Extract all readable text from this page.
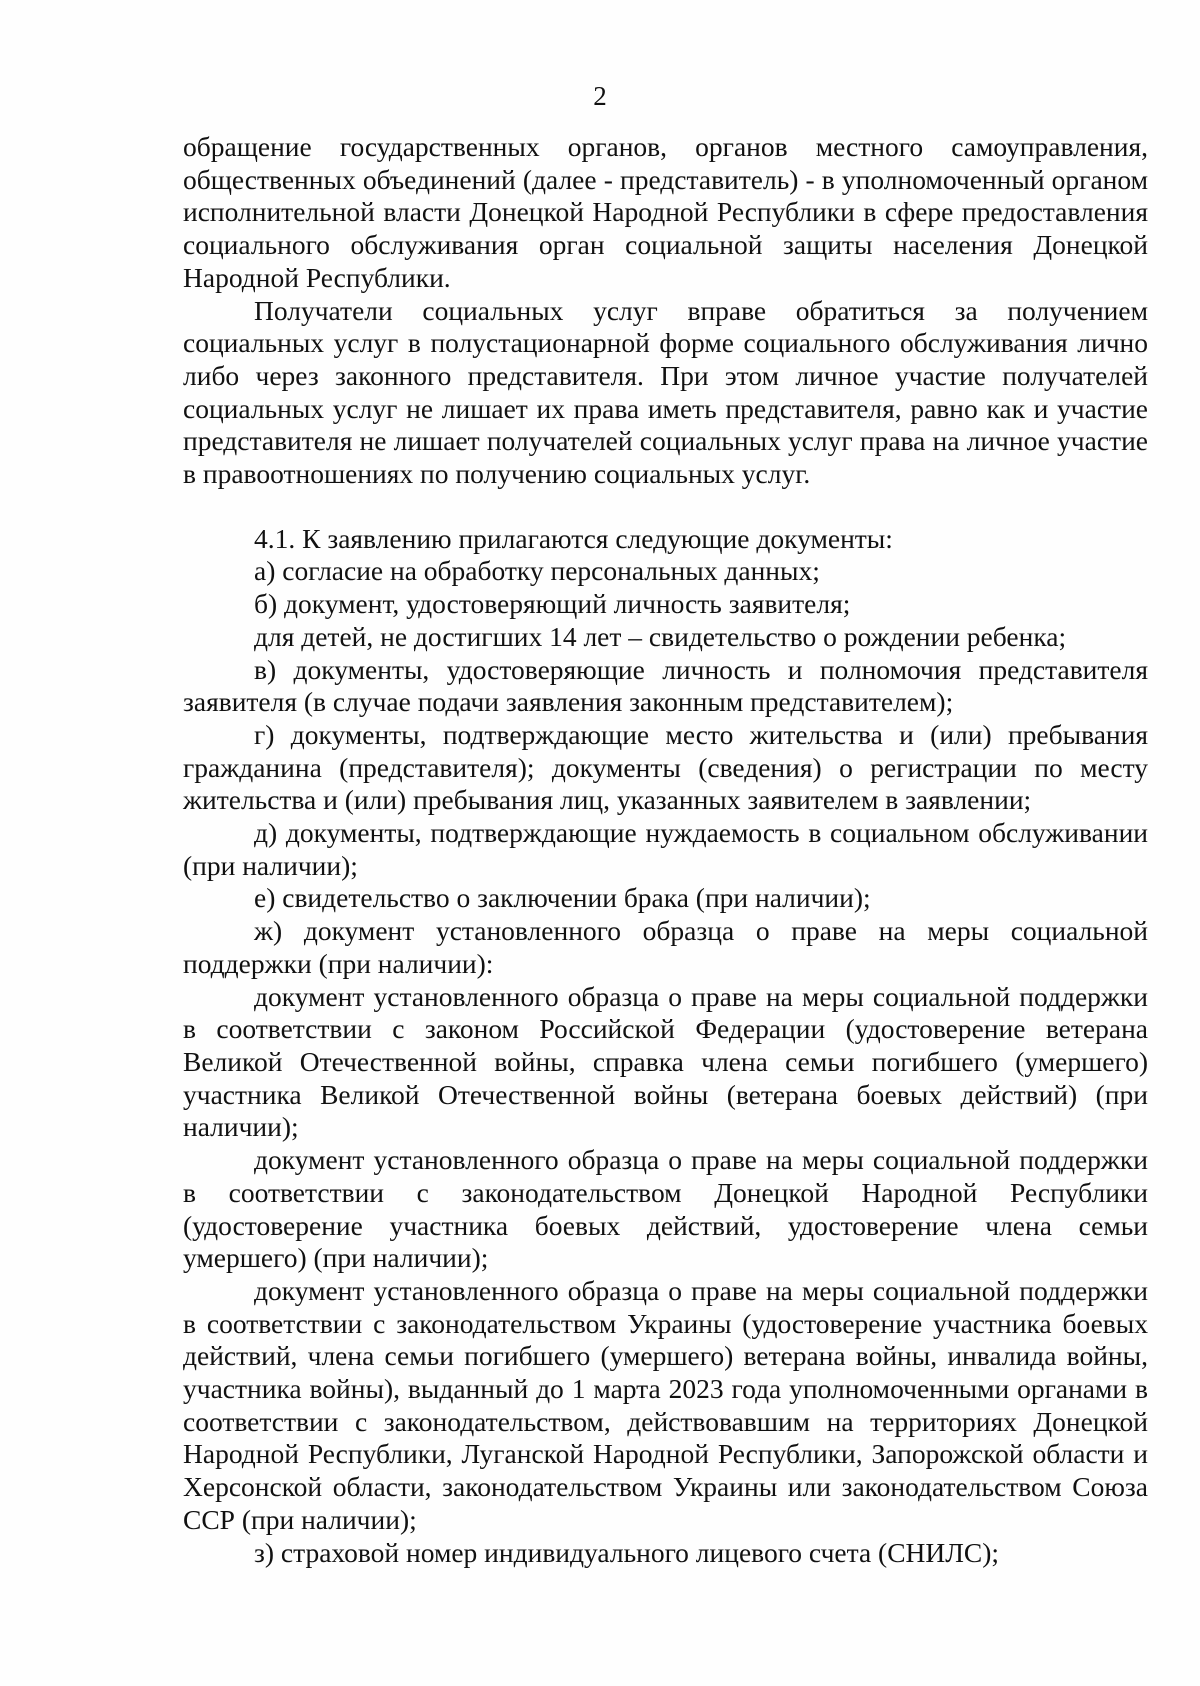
2

обращение государственных органов, органов местного самоуправления, общественных объединений (далее - представитель) - в уполномоченный органом исполнительной власти Донецкой Народной Республики в сфере предоставления социального обслуживания орган социальной защиты населения Донецкой Народной Республики.

Получатели социальных услуг вправе обратиться за получением социальных услуг в полустационарной форме социального обслуживания лично либо через законного представителя. При этом личное участие получателей социальных услуг не лишает их права иметь представителя, равно как и участие представителя не лишает получателей социальных услуг права на личное участие в правоотношениях по получению социальных услуг.

4.1. К заявлению прилагаются следующие документы:

а) согласие на обработку персональных данных;

б) документ, удостоверяющий личность заявителя;

для детей, не достигших 14 лет – свидетельство о рождении ребенка;

в) документы, удостоверяющие личность и полномочия представителя заявителя (в случае подачи заявления законным представителем);

г) документы, подтверждающие место жительства и (или) пребывания гражданина (представителя); документы (сведения) о регистрации по месту жительства и (или) пребывания лиц, указанных заявителем в заявлении;

д) документы, подтверждающие нуждаемость в социальном обслуживании (при наличии);

е) свидетельство о заключении брака (при наличии);

ж) документ установленного образца о праве на меры социальной поддержки (при наличии):

документ установленного образца о праве на меры социальной поддержки в соответствии с законом Российской Федерации (удостоверение ветерана Великой Отечественной войны, справка члена семьи погибшего (умершего) участника Великой Отечественной войны (ветерана боевых действий) (при наличии);

документ установленного образца о праве на меры социальной поддержки в соответствии с законодательством Донецкой Народной Республики (удостоверение участника боевых действий, удостоверение члена семьи умершего) (при наличии);

документ установленного образца о праве на меры социальной поддержки в соответствии с законодательством Украины (удостоверение участника боевых действий, члена семьи погибшего (умершего) ветерана войны, инвалида войны, участника войны), выданный до 1 марта 2023 года уполномоченными органами в соответствии с законодательством, действовавшим на территориях Донецкой Народной Республики, Луганской Народной Республики, Запорожской области и Херсонской области, законодательством Украины или законодательством Союза ССР (при наличии);

з) страховой номер индивидуального лицевого счета (СНИЛС);
